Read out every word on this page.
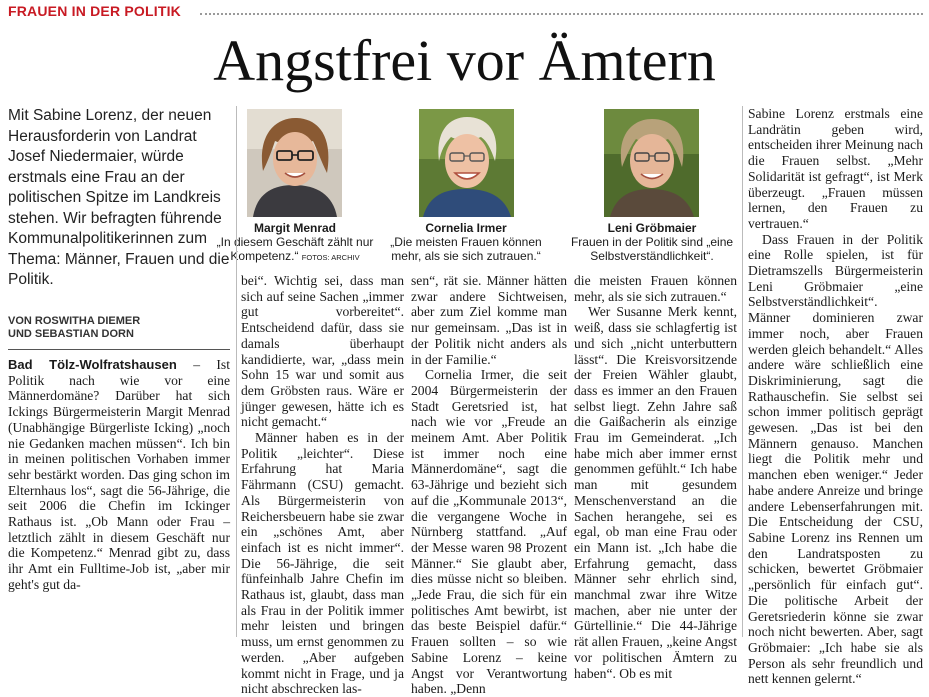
FRAUEN IN DER POLITIK
Angstfrei vor Ämtern
Mit Sabine Lorenz, der neuen Herausforderin von Landrat Josef Niedermaier, würde erstmals eine Frau an der politischen Spitze im Landkreis stehen. Wir befragten führende Kommunalpolitikerinnen zum Thema: Männer, Frauen und die Politik.
VON ROSWITHA DIEMER
UND SEBASTIAN DORN
Margit Menrad
„In diesem Geschäft zählt nur Kompetenz.“ FOTOS: ARCHIV
Cornelia Irmer
„Die meisten Frauen können mehr, als sie sich zutrauen.“
Leni Gröbmaier
Frauen in der Politik sind „eine Selbstverständlichkeit“.

Bad Tölz-Wolfratshausen – Ist Politik nach wie vor eine Männerdomäne? Darüber hat sich Ickings Bürgermeisterin Margit Menrad (Unabhängige Bürgerliste Icking) „noch nie Gedanken machen müssen“. Ich bin in meinen politischen Vorhaben immer sehr bestärkt worden. Das ging schon im Elternhaus los“, sagt die 56-Jährige, die seit 2006 die Chefin im Ickinger Rathaus ist. „Ob Mann oder Frau – letztlich zählt in diesem Geschäft nur die Kompetenz.“ Menrad gibt zu, dass ihr Amt ein Fulltime-Job ist, „aber mir geht's gut da-

bei“. Wichtig sei, dass man sich auf seine Sachen „immer gut vorbereitet“. Entscheidend dafür, dass sie damals überhaupt kandidierte, war, „dass mein Sohn 15 war und somit aus dem Gröbsten raus. Wäre er jünger gewesen, hätte ich es nicht gemacht.“

Männer haben es in der Politik „leichter“. Diese Erfahrung hat Maria Fährmann (CSU) gemacht. Als Bürgermeisterin von Reichersbeuern habe sie zwar ein „schönes Amt, aber einfach ist es nicht immer“. Die 56-Jährige, die seit fünfeinhalb Jahre Chefin im Rathaus ist, glaubt, dass man als Frau in der Politik immer mehr leisten und bringen muss, um ernst genommen zu werden. „Aber aufgeben kommt nicht in Frage, und ja nicht abschrecken las-

sen“, rät sie. Männer hätten zwar andere Sichtweisen, aber zum Ziel komme man nur gemeinsam. „Das ist in der Politik nicht anders als in der Familie.“

Cornelia Irmer, die seit 2004 Bürgermeisterin der Stadt Geretsried ist, hat nach wie vor „Freude an meinem Amt. Aber Politik ist immer noch eine Männerdomäne“, sagt die 63-Jährige und bezieht sich auf die „Kommunale 2013“, die vergangene Woche in Nürnberg stattfand. „Auf der Messe waren 98 Prozent Männer.“ Sie glaubt aber, dies müsse nicht so bleiben. „Jede Frau, die sich für ein politisches Amt bewirbt, ist das beste Beispiel dafür.“ Frauen sollten – so wie Sabine Lorenz – keine Angst vor Verantwortung haben. „Denn

die meisten Frauen können mehr, als sie sich zutrauen.“

Wer Susanne Merk kennt, weiß, dass sie schlagfertig ist und sich „nicht unterbuttern lässt“. Die Kreisvorsitzende der Freien Wähler glaubt, dass es immer an den Frauen selbst liegt. Zehn Jahre saß die Gaißacherin als einzige Frau im Gemeinderat. „Ich habe mich aber immer ernst genommen gefühlt.“ Ich habe man mit gesundem Menschenverstand an die Sachen herangehe, sei es egal, ob man eine Frau oder ein Mann ist. „Ich habe die Erfahrung gemacht, dass Männer sehr ehrlich sind, manchmal zwar ihre Witze machen, aber nie unter der Gürtellinie.“ Die 44-Jährige rät allen Frauen, „keine Angst vor politischen Ämtern zu haben“. Ob es mit

Sabine Lorenz erstmals eine Landrätin geben wird, entscheiden ihrer Meinung nach die Frauen selbst. „Mehr Solidarität ist gefragt“, ist Merk überzeugt. „Frauen müssen lernen, den Frauen zu vertrauen.“

Dass Frauen in der Politik eine Rolle spielen, ist für Dietramszells Bürgermeisterin Leni Gröbmaier „eine Selbstverständlichkeit“. Männer dominieren zwar immer noch, aber Frauen werden gleich behandelt.“ Alles andere wäre schließlich eine Diskriminierung, sagt die Rathauschefin. Sie selbst sei schon immer politisch geprägt gewesen. „Das ist bei den Männern genauso. Manchen liegt die Politik mehr und manchen eben weniger.“ Jeder habe andere Anreize und bringe andere Lebenserfahrungen mit. Die Entscheidung der CSU, Sabine Lorenz ins Rennen um den Landratsposten zu schicken, bewertet Gröbmaier „persönlich für einfach gut“. Die politische Arbeit der Geretsriederin könne sie zwar noch nicht bewerten. Aber, sagt Gröbmaier: „Ich habe sie als Person als sehr freundlich und nett kennen gelernt.“
